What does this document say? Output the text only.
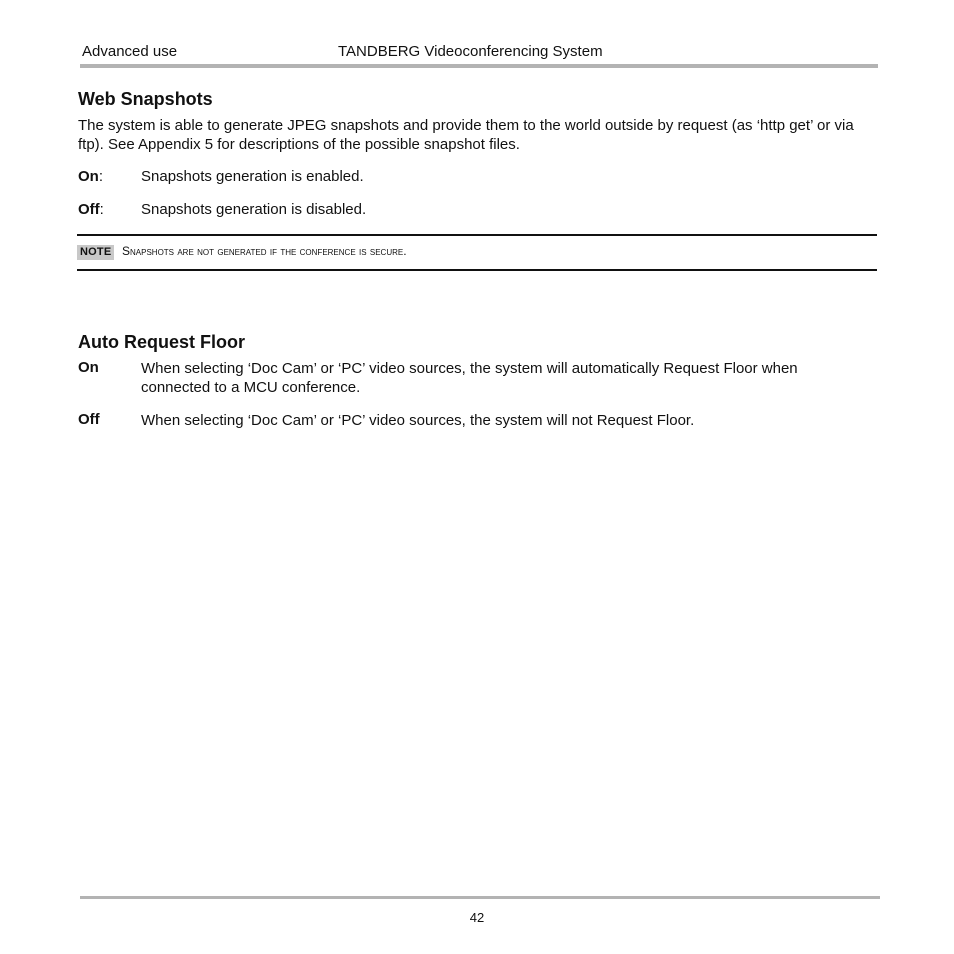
Advanced use	TANDBERG Videoconferencing System
Web Snapshots
The system is able to generate JPEG snapshots and provide them to the world outside by request (as ‘http get’ or via ftp). See Appendix 5 for descriptions of the possible snapshot files.
On:	Snapshots generation is enabled.
Off: Snapshots generation is disabled.
NOTE Snapshots are not generated if the conference is secure.
Auto Request Floor
On	When selecting ‘Doc Cam’ or ‘PC’ video sources, the system will automatically Request Floor when connected to a MCU conference.
Off	When selecting ‘Doc Cam’ or ‘PC’ video sources, the system will not Request Floor.
42
